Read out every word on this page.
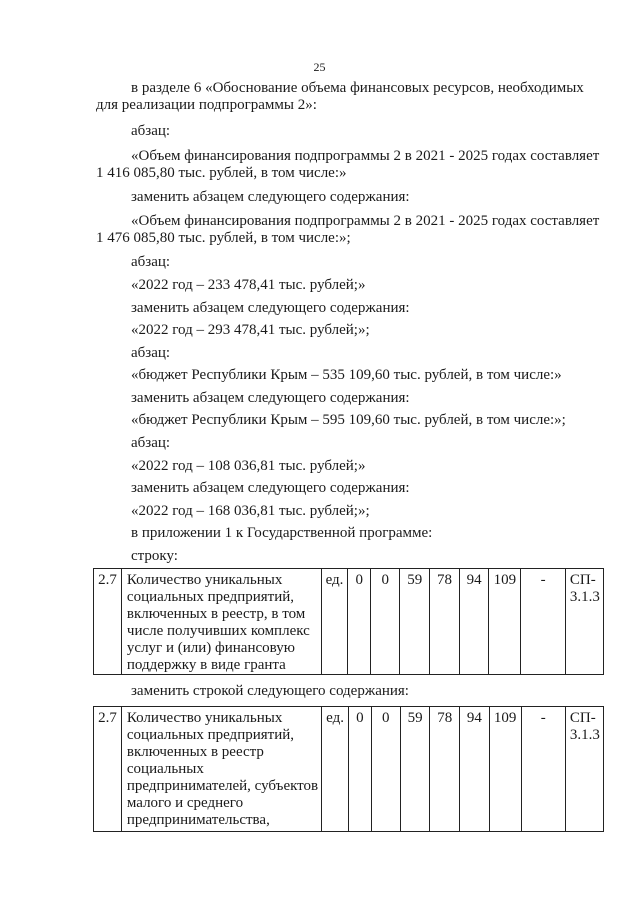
25
в разделе 6 «Обоснование объема финансовых ресурсов, необходимых
для реализации подпрограммы 2»:
абзац:
«Объем финансирования подпрограммы 2 в 2021 - 2025 годах составляет
1 416 085,80 тыс. рублей, в том числе:»
заменить абзацем следующего содержания:
«Объем финансирования подпрограммы 2 в 2021 - 2025 годах составляет
1 476 085,80 тыс. рублей, в том числе:»;
абзац:
«2022 год – 233 478,41 тыс. рублей;»
заменить абзацем следующего содержания:
«2022 год – 293 478,41 тыс. рублей;»;
абзац:
«бюджет Республики Крым – 535 109,60 тыс. рублей, в том числе:»
заменить абзацем следующего содержания:
«бюджет Республики Крым – 595 109,60 тыс. рублей, в том числе:»;
абзац:
«2022 год – 108 036,81 тыс. рублей;»
заменить абзацем следующего содержания:
«2022 год – 168 036,81 тыс. рублей;»;
в приложении 1 к Государственной программе:
строку:
2.7	Количество уникальных
социальных предприятий,
включенных в реестр, в том
числе получивших комплекс
услуг и (или) финансовую
поддержку в виде гранта
	ед.	0	0	59	78	94	109	-	СП-
3.1.3
заменить строкой следующего содержания:
2.7	Количество уникальных
социальных предприятий,
включенных в реестр
социальных
предпринимателей, субъектов
малого и среднего
предпринимательства,
	ед.	0	0	59	78	94	109	-	СП-
3.1.3
